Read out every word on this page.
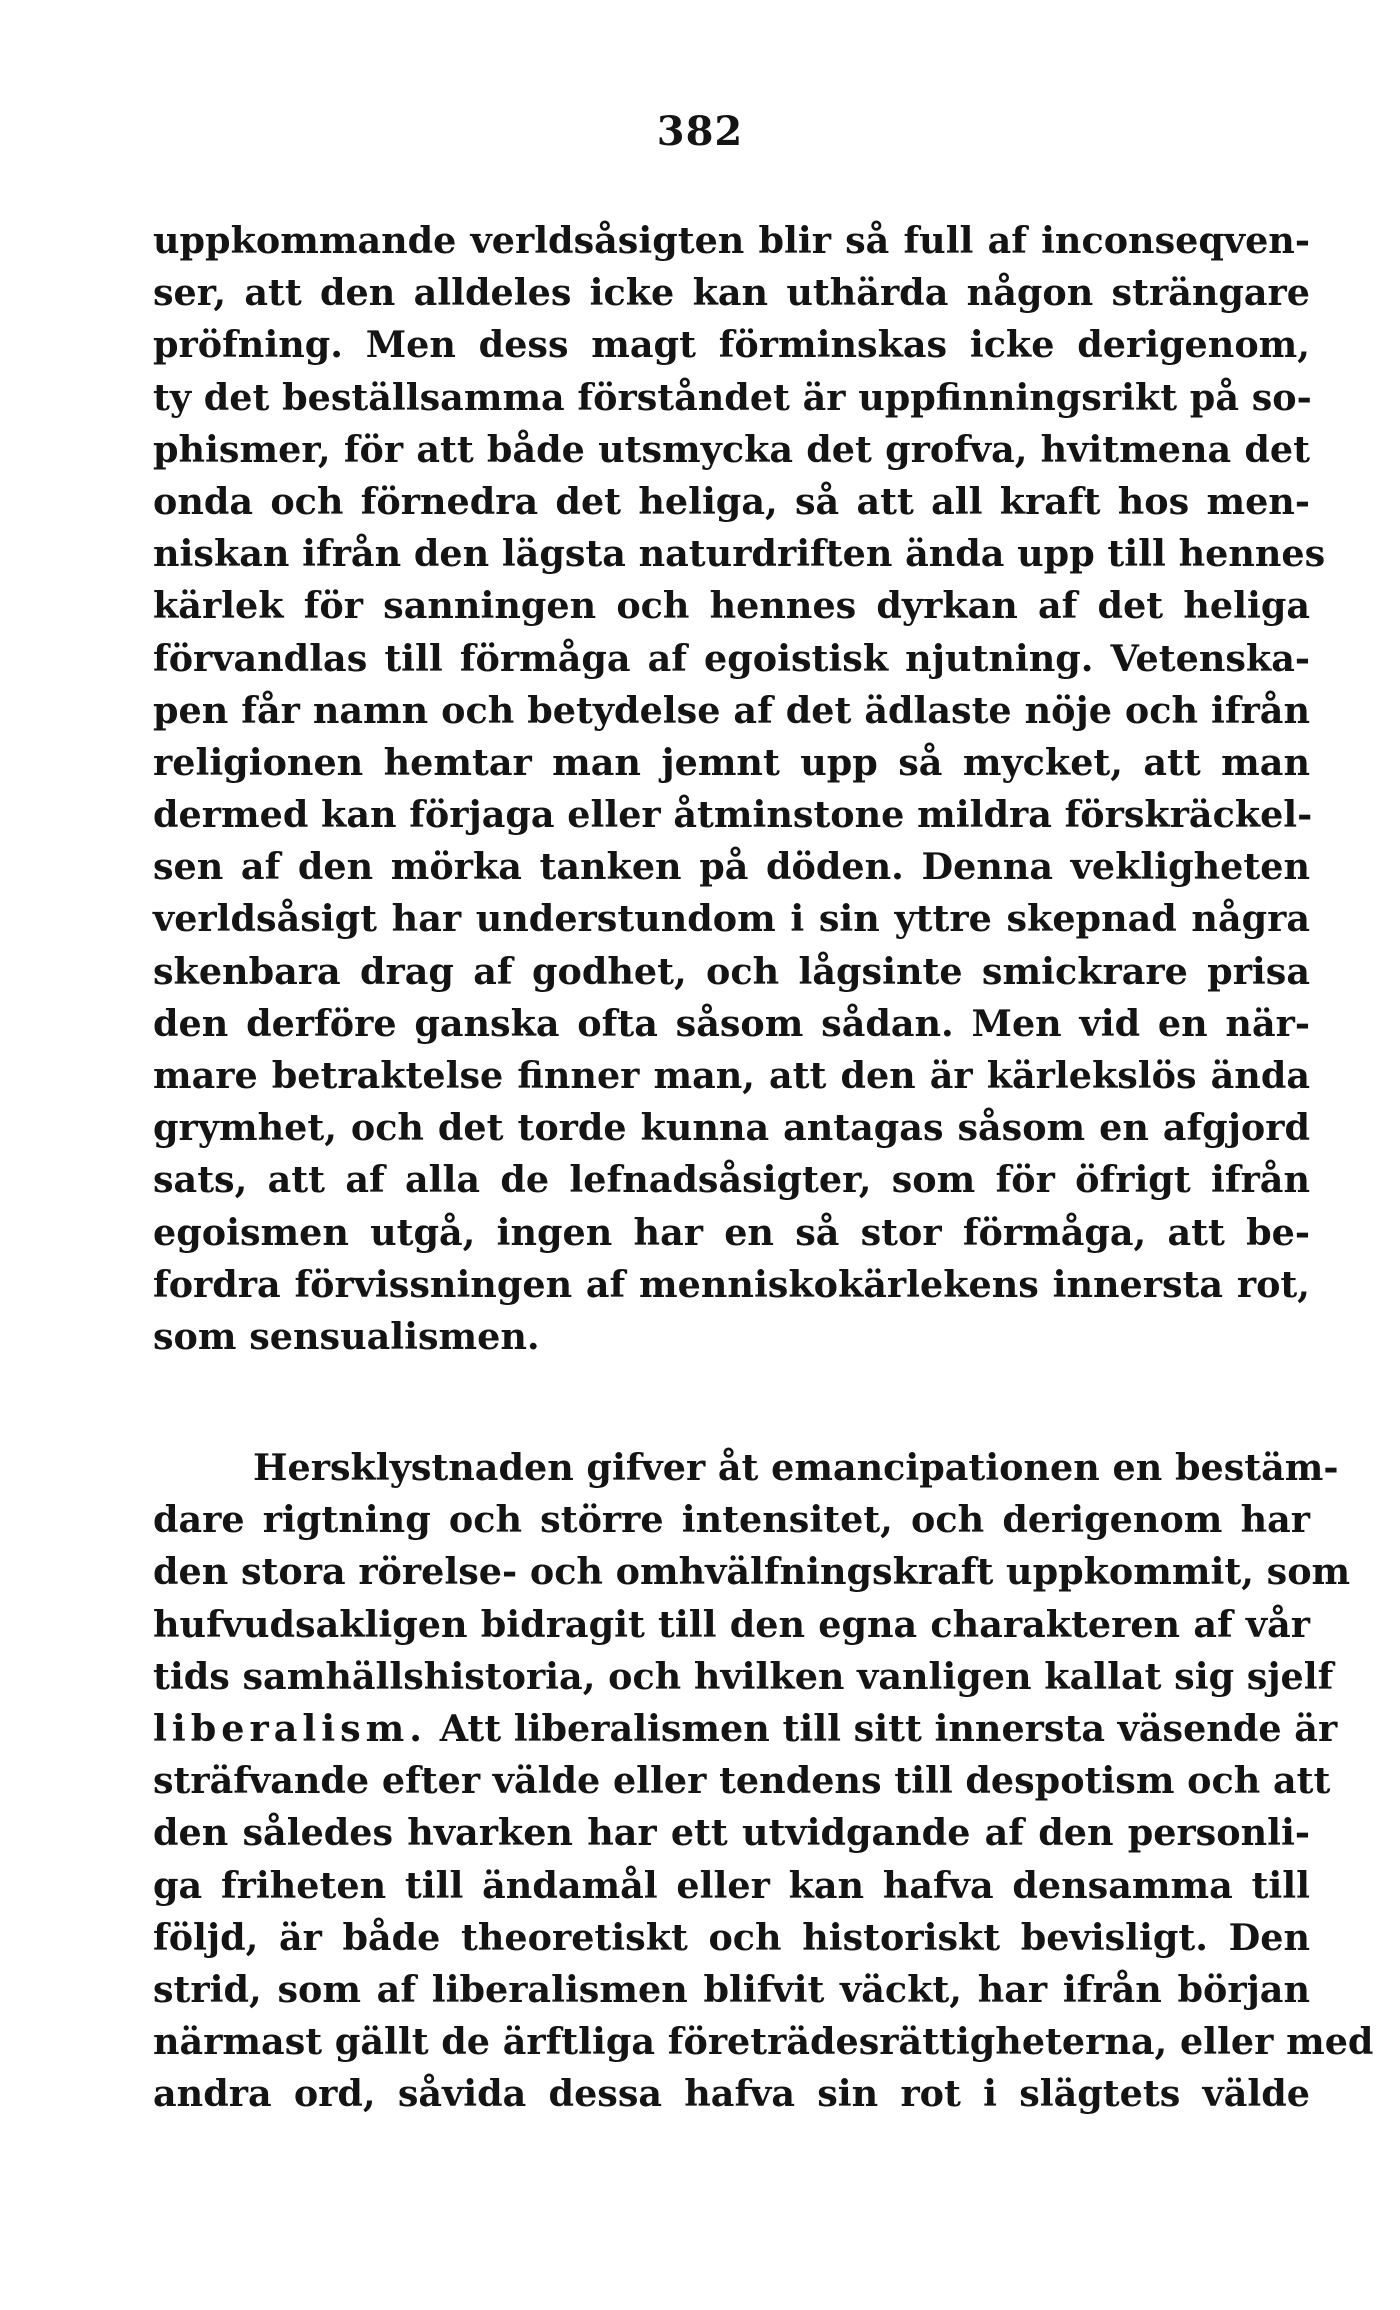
382
uppkommande verldsåsigten blir så full af inconseqven-
ser, att den alldeles icke kan uthärda någon strängare
pröfning. Men dess magt förminskas icke derigenom,
ty det beställsamma förståndet är uppfinningsrikt på so-
phismer, för att både utsmycka det grofva, hvitmena det
onda och förnedra det heliga, så att all kraft hos men-
niskan ifrån den lägsta naturdriften ända upp till hennes
kärlek för sanningen och hennes dyrkan af det heliga
förvandlas till förmåga af egoistisk njutning. Vetenska-
pen får namn och betydelse af det ädlaste nöje och ifrån
religionen hemtar man jemnt upp så mycket, att man
dermed kan förjaga eller åtminstone mildra förskräckel-
sen af den mörka tanken på döden. Denna vekligheten
verldsåsigt har understundom i sin yttre skepnad några
skenbara drag af godhet, och lågsinte smickrare prisa
den derföre ganska ofta såsom sådan. Men vid en när-
mare betraktelse finner man, att den är kärlekslös ända
grymhet, och det torde kunna antagas såsom en afgjord
sats, att af alla de lefnadsåsigter, som för öfrigt ifrån
egoismen utgå, ingen har en så stor förmåga, att be-
fordra förvissningen af menniskokärlekens innersta rot,
som sensualismen.
Hersklystnaden gifver åt emancipationen en bestäm-
dare rigtning och större intensitet, och derigenom har
den stora rörelse- och omhvälfningskraft uppkommit, som
hufvudsakligen bidragit till den egna charakteren af vår
tids samhällshistoria, och hvilken vanligen kallat sig sjelf
liberalism. Att liberalismen till sitt innersta väsende är
sträfvande efter välde eller tendens till despotism och att
den således hvarken har ett utvidgande af den personli-
ga friheten till ändamål eller kan hafva densamma till
följd, är både theoretiskt och historiskt bevisligt. Den
strid, som af liberalismen blifvit väckt, har ifrån början
närmast gällt de ärftliga företrädesrättigheterna, eller med
andra ord, såvida dessa hafva sin rot i slägtets välde
